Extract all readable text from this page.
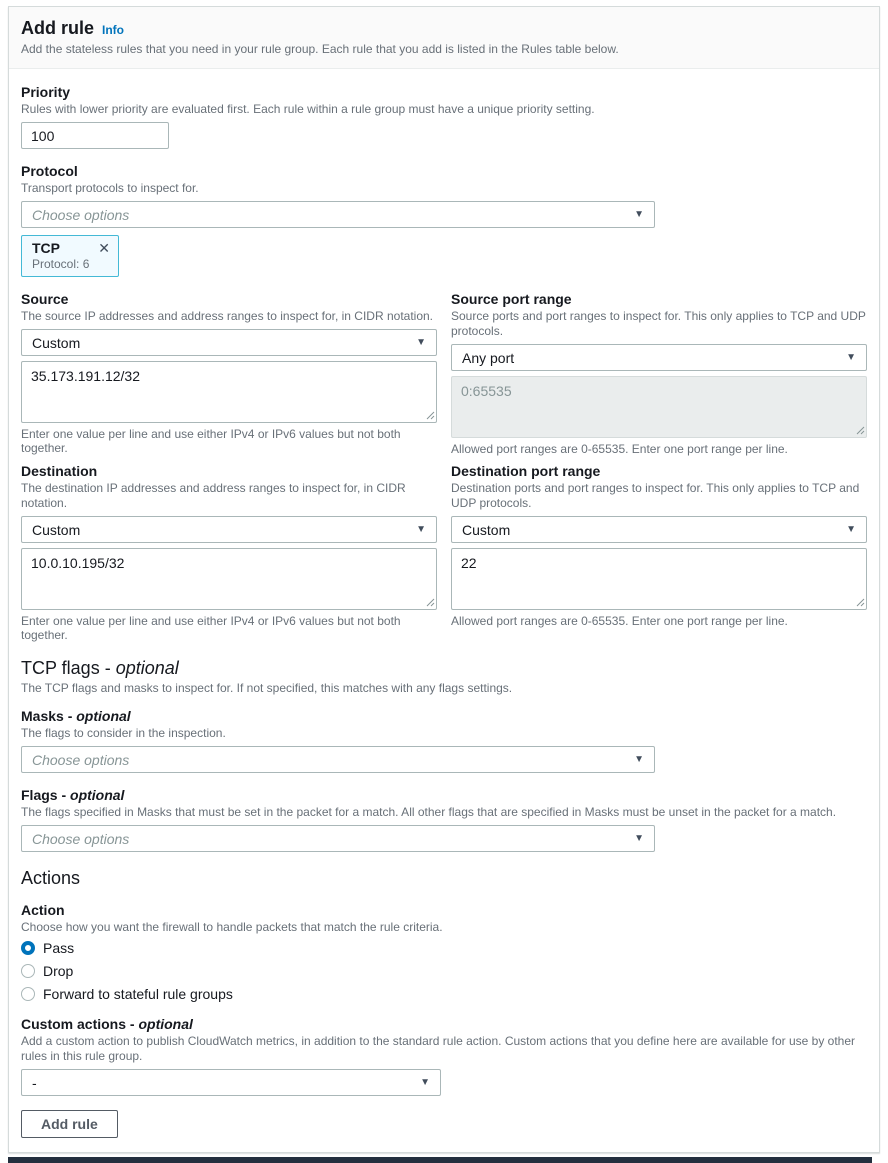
Add rule Info
Add the stateless rules that you need in your rule group. Each rule that you add is listed in the Rules table below.
Priority
Rules with lower priority are evaluated first. Each rule within a rule group must have a unique priority setting.
100
Protocol
Transport protocols to inspect for.
Choose options	▼
TCP	✕
Protocol: 6
Source
The source IP addresses and address ranges to inspect for, in CIDR notation.
Custom	▼
35.173.191.12/32
Enter one value per line and use either IPv4 or IPv6 values but not both together.
Source port range
Source ports and port ranges to inspect for. This only applies to TCP and UDP protocols.
Any port	▼
0:65535
Allowed port ranges are 0-65535. Enter one port range per line.
Destination
The destination IP addresses and address ranges to inspect for, in CIDR notation.
Custom	▼
10.0.10.195/32
Enter one value per line and use either IPv4 or IPv6 values but not both together.
Destination port range
Destination ports and port ranges to inspect for. This only applies to TCP and UDP protocols.
Custom	▼
22
Allowed port ranges are 0-65535. Enter one port range per line.
TCP flags - optional
The TCP flags and masks to inspect for. If not specified, this matches with any flags settings.
Masks - optional
The flags to consider in the inspection.
Choose options	▼
Flags - optional
The flags specified in Masks that must be set in the packet for a match. All other flags that are specified in Masks must be unset in the packet for a match.
Choose options	▼
Actions
Action
Choose how you want the firewall to handle packets that match the rule criteria.
Pass
Drop
Forward to stateful rule groups
Custom actions - optional
Add a custom action to publish CloudWatch metrics, in addition to the standard rule action. Custom actions that you define here are available for use by other rules in this rule group.
-	▼
Add rule
